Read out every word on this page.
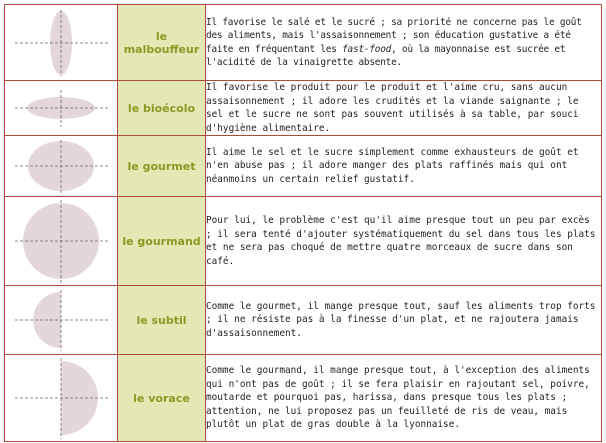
	le malbouffeur	Il favorise le salé et le sucré ; sa priorité ne concerne pas le goût des aliments, mais l'assaisonnement ; son éducation gustative a été faite en fréquentant les fast-food, où la mayonnaise est sucrée et l'acidité de la vinaigrette absente.

	le bioécolo	Il favorise le produit pour le produit et l'aime cru, sans aucun assaisonnement ; il adore les crudités et la viande saignante ; le sel et le sucre ne sont pas souvent utilisés à sa table, par souci d'hygiène alimentaire.

	le gourmet	Il aime le sel et le sucre simplement comme exhausteurs de goût et n'en abuse pas ; il adore manger des plats raffinés mais qui ont néanmoins un certain relief gustatif.

	le gourmand	Pour lui, le problème c'est qu'il aime presque tout un peu par excès ; il sera tenté d'ajouter systématiquement du sel dans tous les plats et ne sera pas choqué de mettre quatre morceaux de sucre dans son café.

	le subtil	Comme le gourmet, il mange presque tout, sauf les aliments trop forts ; il ne résiste pas à la finesse d'un plat, et ne rajoutera jamais d'assaisonnement.

	le vorace	Comme le gourmand, il mange presque tout, à l'exception des aliments qui n'ont pas de goût ; il se fera plaisir en rajoutant sel, poivre, moutarde et pourquoi pas, harissa, dans presque tous les plats ; attention, ne lui proposez pas un feuilleté de ris de veau, mais plutôt un plat de gras double à la lyonnaise.
